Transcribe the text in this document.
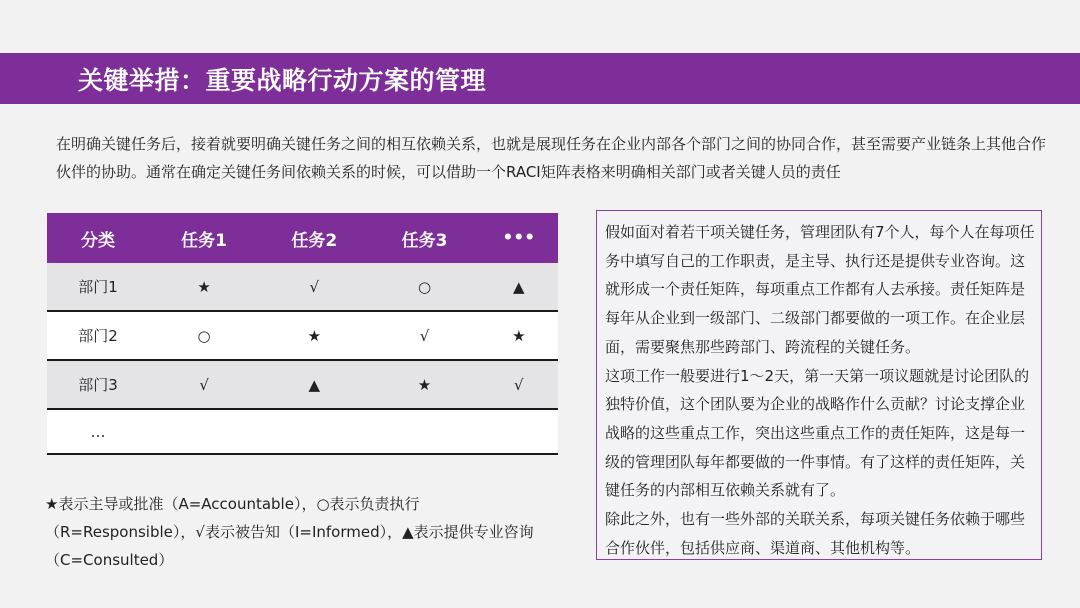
关键举措：重要战略行动方案的管理

在明确关键任务后，接着就要明确关键任务之间的相互依赖关系，也就是展现任务在企业内部各个部门之间的协同合作，甚至需要产业链条上其他合作伙伴的协助。通常在确定关键任务间依赖关系的时候，可以借助一个RACI矩阵表格来明确相关部门或者关键人员的责任

分类	任务1	任务2	任务3	•••
部门1	★	√	○	▲
部门2	○	★	√	★
部门3	√	▲	★	√
…				

★表示主导或批准（A=Accountable），○表示负责执行（R=Responsible），√表示被告知（I=Informed），▲表示提供专业咨询（C=Consulted）

假如面对着若干项关键任务，管理团队有7个人，每个人在每项任务中填写自己的工作职责，是主导、执行还是提供专业咨询。这就形成一个责任矩阵，每项重点工作都有人去承接。责任矩阵是每年从企业到一级部门、二级部门都要做的一项工作。在企业层面，需要聚焦那些跨部门、跨流程的关键任务。

这项工作一般要进行1～2天，第一天第一项议题就是讨论团队的独特价值，这个团队要为企业的战略作什么贡献？讨论支撑企业战略的这些重点工作，突出这些重点工作的责任矩阵，这是每一级的管理团队每年都要做的一件事情。有了这样的责任矩阵，关键任务的内部相互依赖关系就有了。

除此之外，也有一些外部的关联关系，每项关键任务依赖于哪些合作伙伴，包括供应商、渠道商、其他机构等。
